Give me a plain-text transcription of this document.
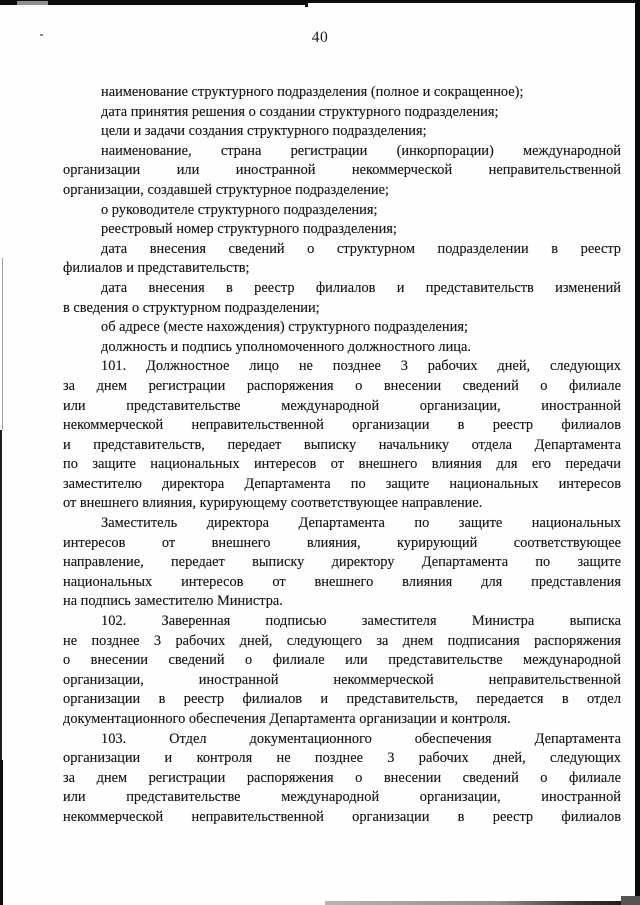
40
наименование структурного подразделения (полное и сокращенное);
дата принятия решения о создании структурного подразделения;
цели и задачи создания структурного подразделения;
наименование, страна регистрации (инкорпорации) международной
организации или иностранной некоммерческой неправительственной
организации, создавшей структурное подразделение;
о руководителе структурного подразделения;
реестровый номер структурного подразделения;
дата внесения сведений о структурном подразделении в реестр
филиалов и представительств;
дата внесения в реестр филиалов и представительств изменений
в сведения о структурном подразделении;
об адресе (месте нахождения) структурного подразделения;
должность и подпись уполномоченного должностного лица.
101. Должностное лицо не позднее 3 рабочих дней, следующих
за днем регистрации распоряжения о внесении сведений о филиале
или представительстве международной организации, иностранной
некоммерческой неправительственной организации в реестр филиалов
и представительств, передает выписку начальнику отдела Департамента
по защите национальных интересов от внешнего влияния для его передачи
заместителю директора Департамента по защите национальных интересов
от внешнего влияния, курирующему соответствующее направление.
Заместитель директора Департамента по защите национальных
интересов от внешнего влияния, курирующий соответствующее
направление, передает выписку директору Департамента по защите
национальных интересов от внешнего влияния для представления
на подпись заместителю Министра.
102. Заверенная подписью заместителя Министра выписка
не позднее 3 рабочих дней, следующего за днем подписания распоряжения
о внесении сведений о филиале или представительстве международной
организации, иностранной некоммерческой неправительственной
организации в реестр филиалов и представительств, передается в отдел
документационного обеспечения Департамента организации и контроля.
103. Отдел документационного обеспечения Департамента
организации и контроля не позднее 3 рабочих дней, следующих
за днем регистрации распоряжения о внесении сведений о филиале
или представительстве международной организации, иностранной
некоммерческой неправительственной организации в реестр филиалов
